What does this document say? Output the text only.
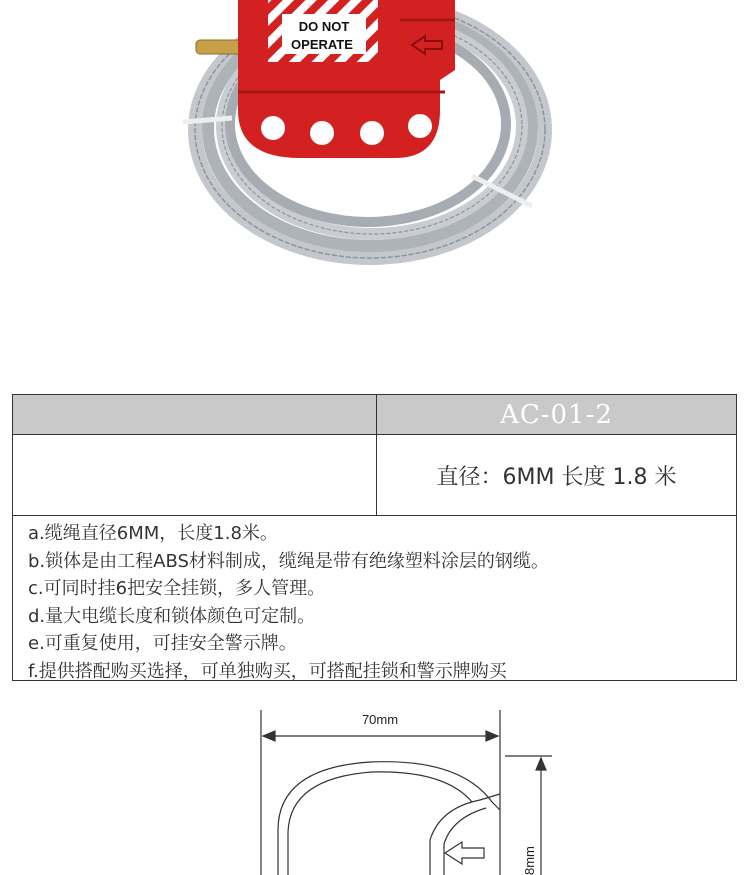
DO NOT
OPERATE
AC-01-2
直径：6MM 长度 1.8 米
a.缆绳直径6MM，长度1.8米。
b.锁体是由工程ABS材料制成，缆绳是带有绝缘塑料涂层的钢缆。
c.可同时挂6把安全挂锁，多人管理。
d.量大电缆长度和锁体颜色可定制。
e.可重复使用，可挂安全警示牌。
f.提供搭配购买选择，可单独购买，可搭配挂锁和警示牌购买
70mm
8mm
